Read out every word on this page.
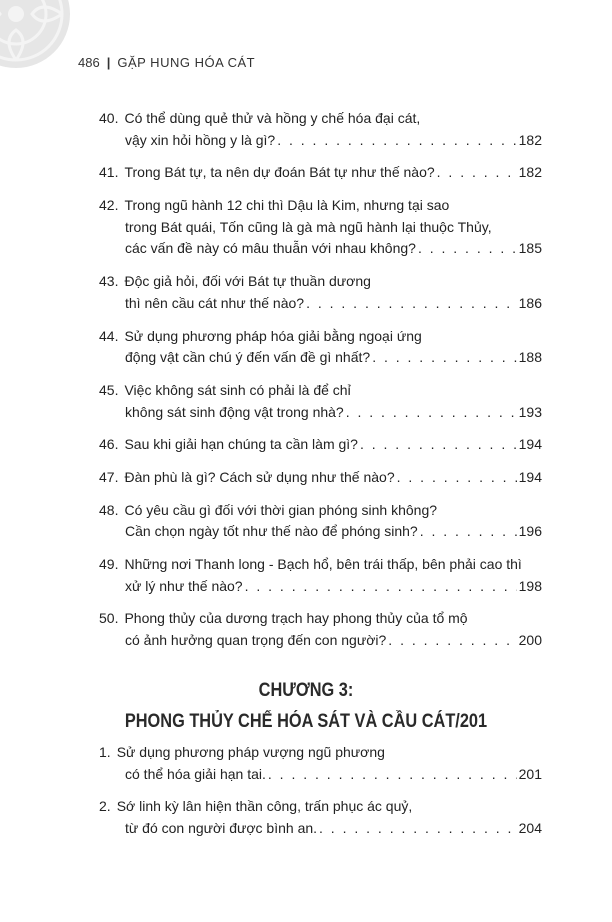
486 | GẶP HUNG HÓA CÁT
40. Có thể dùng quẻ thử và hồng y chế hóa đại cát,
vậy xin hỏi hồng y là gì? . . .	182
41. Trong Bát tự, ta nên dự đoán Bát tự như thế nào? . . .	182
42. Trong ngũ hành 12 chi thì Dậu là Kim, nhưng tại sao
trong Bát quái, Tốn cũng là gà mà ngũ hành lại thuộc Thủy,
các vấn đề này có mâu thuẫn với nhau không? . . .	185
43. Độc giả hỏi, đối với Bát tự thuần dương
thì nên cầu cát như thế nào? . . .	186
44. Sử dụng phương pháp hóa giải bằng ngoại ứng
động vật cần chú ý đến vấn đề gì nhất? . . .	188
45. Việc không sát sinh có phải là để chỉ
không sát sinh động vật trong nhà? . . .	193
46. Sau khi giải hạn chúng ta cần làm gì? . . .	194
47. Đàn phù là gì? Cách sử dụng như thế nào? . . .	194
48. Có yêu cầu gì đối với thời gian phóng sinh không?
Cần chọn ngày tốt như thế nào để phóng sinh? . . .	196
49. Những nơi Thanh long - Bạch hổ, bên trái thấp, bên phải cao thì
xử lý như thế nào? . . .	198
50. Phong thủy của dương trạch hay phong thủy của tổ mộ
có ảnh hưởng quan trọng đến con người? . . .	200
CHƯƠNG 3:
PHONG THỦY CHẾ HÓA SÁT VÀ CẦU CÁT/201
1. Sử dụng phương pháp vượng ngũ phương
có thể hóa giải hạn tai. . . .	201
2. Sớ linh kỳ lân hiện thần công, trấn phục ác quỷ,
từ đó con người được bình an. . . .	204
